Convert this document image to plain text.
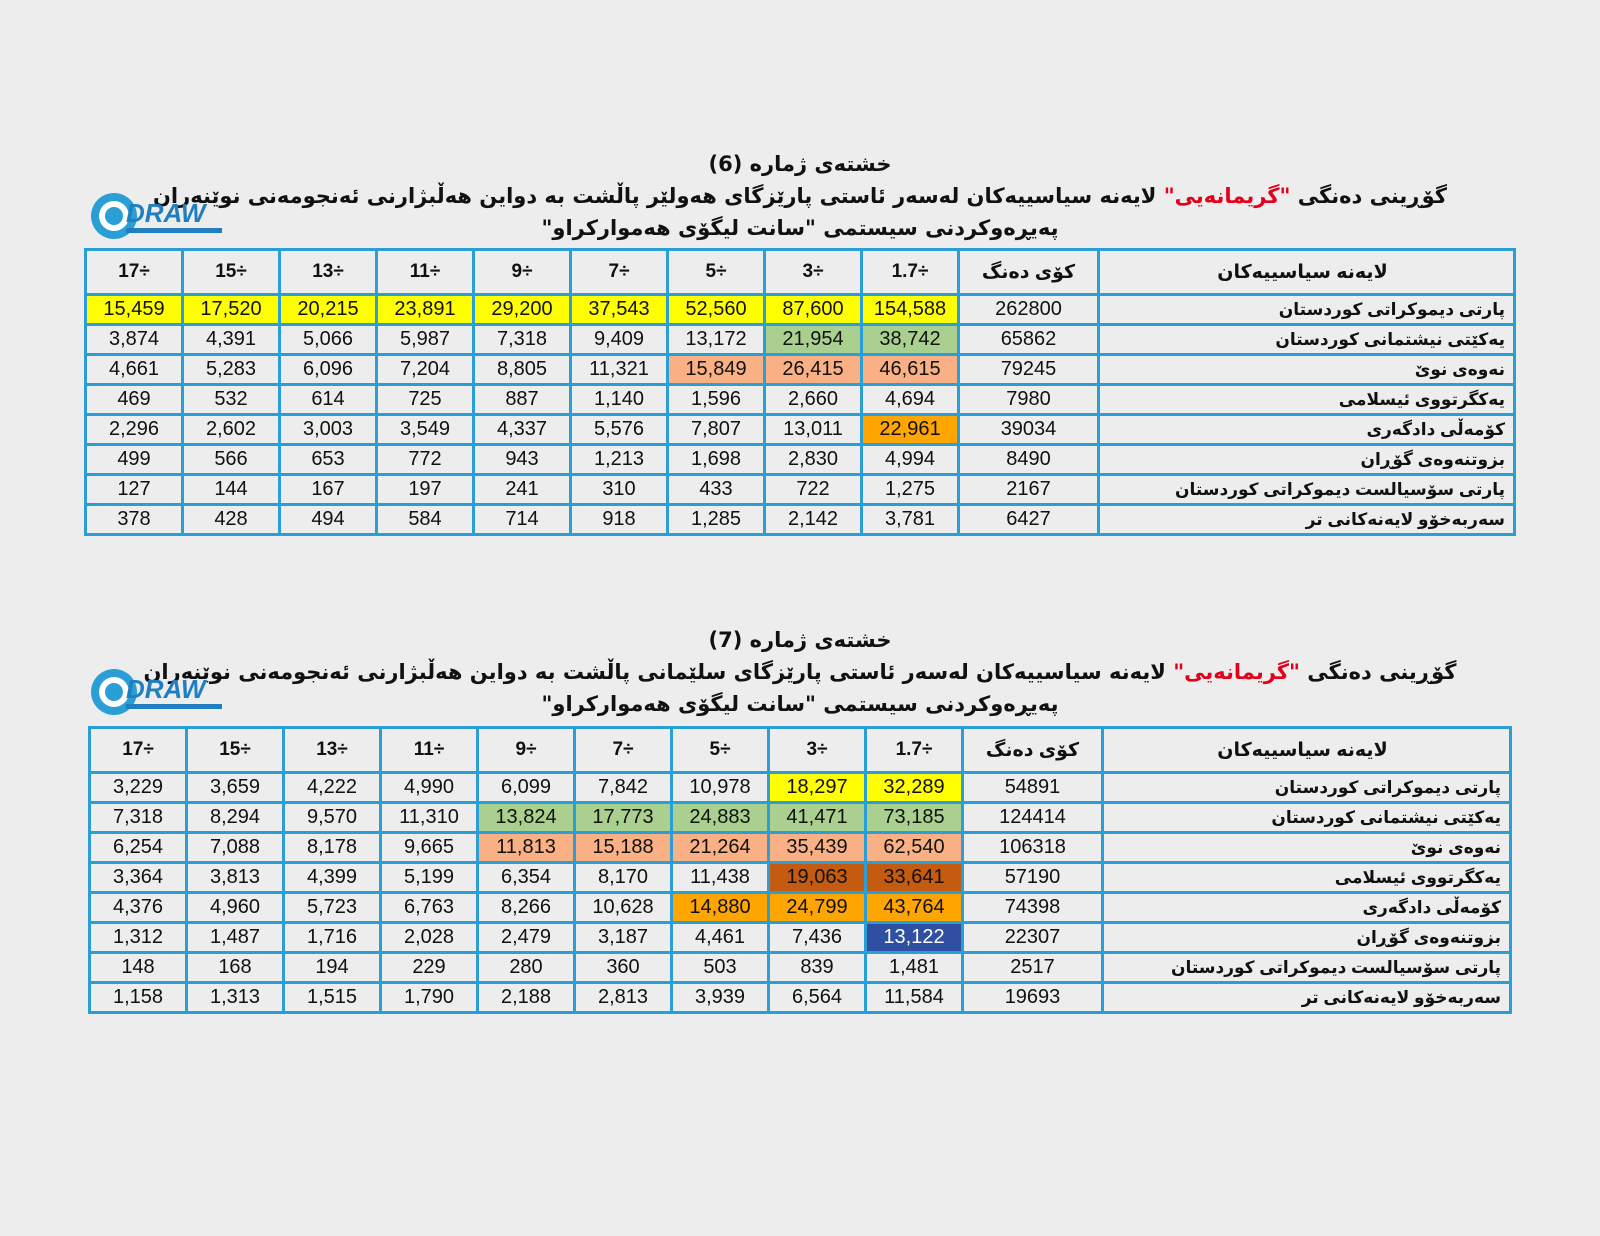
خشتەی ژمارە (6)
گۆڕینی دەنگی "گریمانەیی" لایەنە سیاسییەکان لەسەر ئاستی پارێزگای هەولێر پاڵشت بە دواین هەڵبژارنی ئەنجومەنی نوێنەران
پەیڕەوکردنی سیستمی "سانت لیگۆی هەموارکراو"
DRAW
17÷	15÷	13÷	11÷	9÷	7÷	5÷	3÷	1.7÷	کۆی دەنگ	لایەنە سیاسییەکان
15,459	17,520	20,215	23,891	29,200	37,543	52,560	87,600	154,588	262800	پارتی دیموکراتی کوردستان
3,874	4,391	5,066	5,987	7,318	9,409	13,172	21,954	38,742	65862	یەکێتی نیشتمانی کوردستان
4,661	5,283	6,096	7,204	8,805	11,321	15,849	26,415	46,615	79245	نەوەی نوێ
469	532	614	725	887	1,140	1,596	2,660	4,694	7980	یەکگرتووی ئیسلامی
2,296	2,602	3,003	3,549	4,337	5,576	7,807	13,011	22,961	39034	کۆمەڵی دادگەری
499	566	653	772	943	1,213	1,698	2,830	4,994	8490	بزوتنەوەی گۆڕان
127	144	167	197	241	310	433	722	1,275	2167	پارتی سۆسیالست دیموکراتی کوردستان
378	428	494	584	714	918	1,285	2,142	3,781	6427	سەربەخۆو لایەنەکانی تر
خشتەی ژمارە (7)
گۆڕینی دەنگی "گریمانەیی" لایەنە سیاسییەکان لەسەر ئاستی پارێزگای سلێمانی پاڵشت بە دواین هەڵبژارنی ئەنجومەنی نوێنەران
پەیڕەوکردنی سیستمی "سانت لیگۆی هەموارکراو"
DRAW
17÷	15÷	13÷	11÷	9÷	7÷	5÷	3÷	1.7÷	کۆی دەنگ	لایەنە سیاسییەکان
3,229	3,659	4,222	4,990	6,099	7,842	10,978	18,297	32,289	54891	پارتی دیموکراتی کوردستان
7,318	8,294	9,570	11,310	13,824	17,773	24,883	41,471	73,185	124414	یەکێتی نیشتمانی کوردستان
6,254	7,088	8,178	9,665	11,813	15,188	21,264	35,439	62,540	106318	نەوەی نوێ
3,364	3,813	4,399	5,199	6,354	8,170	11,438	19,063	33,641	57190	یەکگرتووی ئیسلامی
4,376	4,960	5,723	6,763	8,266	10,628	14,880	24,799	43,764	74398	کۆمەڵی دادگەری
1,312	1,487	1,716	2,028	2,479	3,187	4,461	7,436	13,122	22307	بزوتنەوەی گۆڕان
148	168	194	229	280	360	503	839	1,481	2517	پارتی سۆسیالست دیموکراتی کوردستان
1,158	1,313	1,515	1,790	2,188	2,813	3,939	6,564	11,584	19693	سەربەخۆو لایەنەکانی تر
